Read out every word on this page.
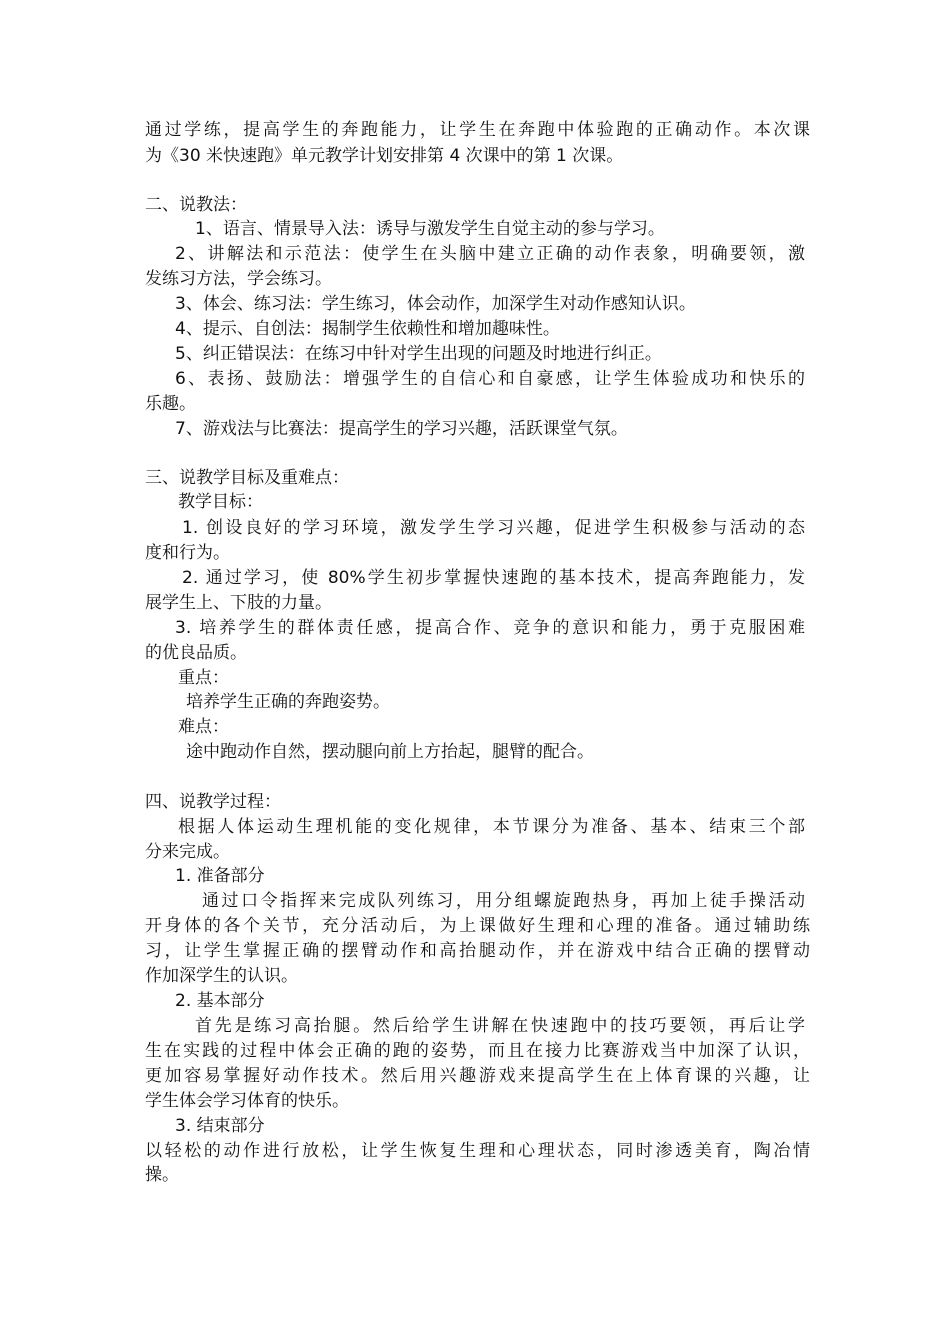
通过学练，提高学生的奔跑能力，让学生在奔跑中体验跑的正确动作。本次课
为《30 米快速跑》单元教学计划安排第 4 次课中的第 1 次课。
二、说教法：
1、语言、情景导入法：诱导与激发学生自觉主动的参与学习。
2、讲解法和示范法：使学生在头脑中建立正确的动作表象，明确要领，激
发练习方法，学会练习。
3、体会、练习法：学生练习，体会动作，加深学生对动作感知认识。
4、提示、自创法：揭制学生依赖性和增加趣味性。
5、纠正错误法：在练习中针对学生出现的问题及时地进行纠正。
6、表扬、鼓励法：增强学生的自信心和自豪感，让学生体验成功和快乐的
乐趣。
7、游戏法与比赛法：提高学生的学习兴趣，活跃课堂气氛。
三、说教学目标及重难点：
教学目标：
1. 创设良好的学习环境，激发学生学习兴趣，促进学生积极参与活动的态
度和行为。
2. 通过学习，使 80%学生初步掌握快速跑的基本技术，提高奔跑能力，发
展学生上、下肢的力量。
3. 培养学生的群体责任感，提高合作、竞争的意识和能力，勇于克服困难
的优良品质。
重点：
培养学生正确的奔跑姿势。
难点：
途中跑动作自然，摆动腿向前上方抬起，腿臂的配合。
四、说教学过程：
根据人体运动生理机能的变化规律，本节课分为准备、基本、结束三个部
分来完成。
1. 准备部分
通过口令指挥来完成队列练习，用分组螺旋跑热身，再加上徒手操活动
开身体的各个关节，充分活动后，为上课做好生理和心理的准备。通过辅助练
习，让学生掌握正确的摆臂动作和高抬腿动作，并在游戏中结合正确的摆臂动
作加深学生的认识。
2. 基本部分
首先是练习高抬腿。然后给学生讲解在快速跑中的技巧要领，再后让学
生在实践的过程中体会正确的跑的姿势，而且在接力比赛游戏当中加深了认识，
更加容易掌握好动作技术。然后用兴趣游戏来提高学生在上体育课的兴趣，让
学生体会学习体育的快乐。
3. 结束部分
以轻松的动作进行放松，让学生恢复生理和心理状态，同时渗透美育，陶冶情
操。
